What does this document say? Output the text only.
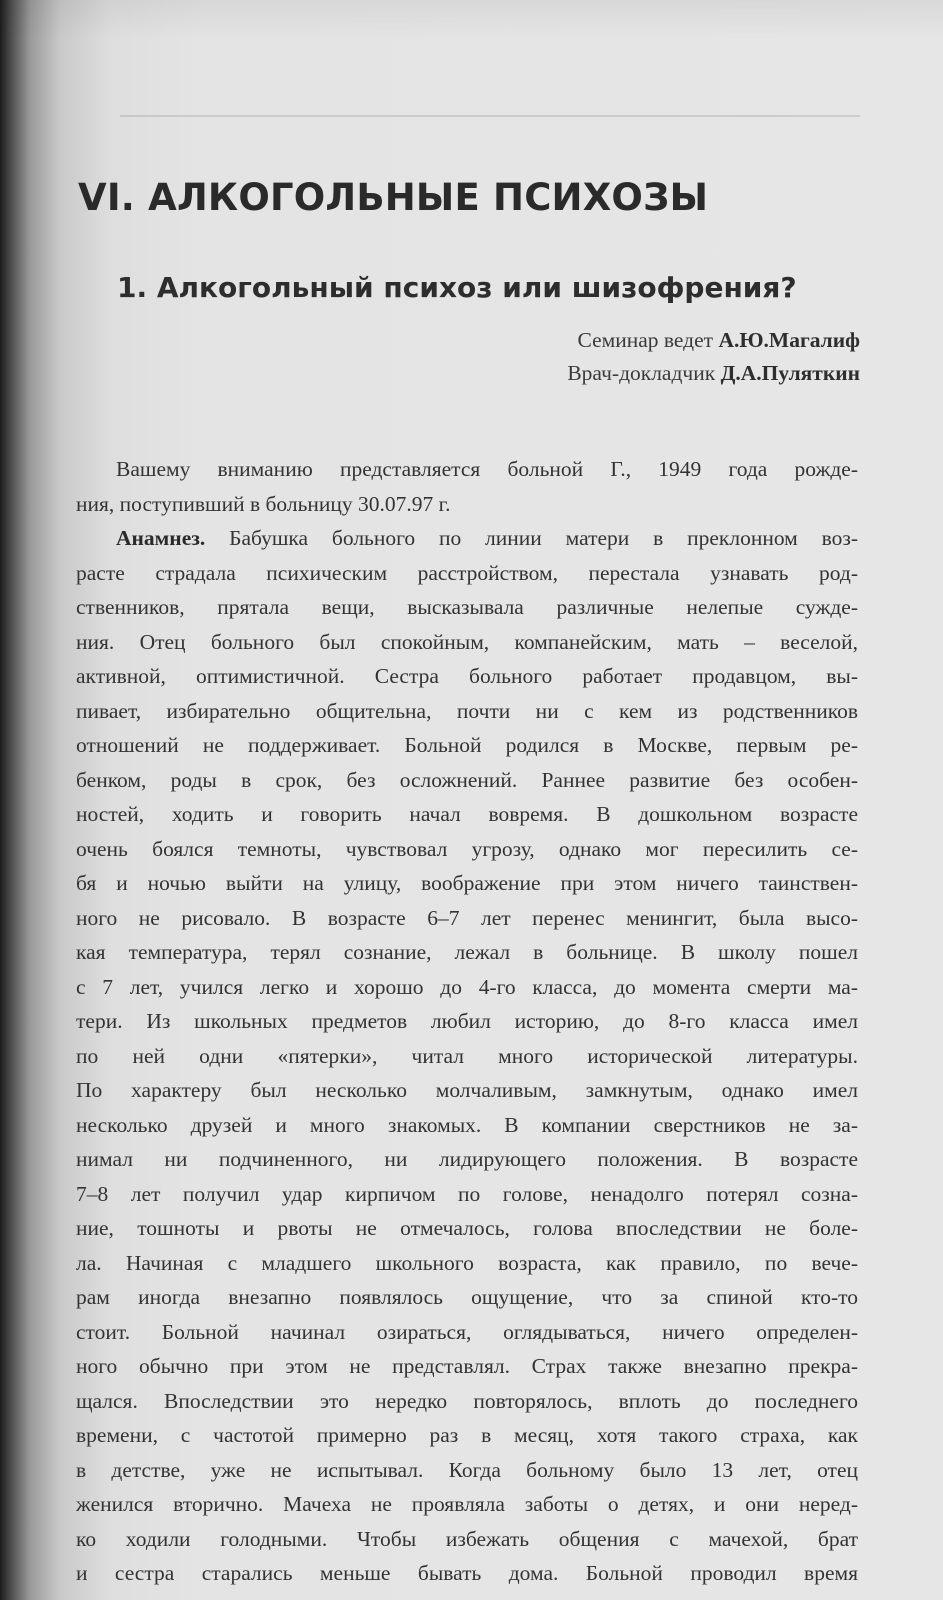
VI. АЛКОГОЛЬНЫЕ ПСИХОЗЫ
1. Алкогольный психоз или шизофрения?
Семинар ведет А.Ю.Магалиф
Врач-докладчик Д.А.Пуляткин
Вашему вниманию представляется больной Г., 1949 года рожде-
ния, поступивший в больницу 30.07.97 г.
Анамнез. Бабушка больного по линии матери в преклонном воз-
расте страдала психическим расстройством, перестала узнавать род-
ственников, прятала вещи, высказывала различные нелепые сужде-
ния. Отец больного был спокойным, компанейским, мать – веселой,
активной, оптимистичной. Сестра больного работает продавцом, вы-
пивает, избирательно общительна, почти ни с кем из родственников
отношений не поддерживает. Больной родился в Москве, первым ре-
бенком, роды в срок, без осложнений. Раннее развитие без особен-
ностей, ходить и говорить начал вовремя. В дошкольном возрасте
очень боялся темноты, чувствовал угрозу, однако мог пересилить се-
бя и ночью выйти на улицу, воображение при этом ничего таинствен-
ного не рисовало. В возрасте 6–7 лет перенес менингит, была высо-
кая температура, терял сознание, лежал в больнице. В школу пошел
с 7 лет, учился легко и хорошо до 4-го класса, до момента смерти ма-
тери. Из школьных предметов любил историю, до 8-го класса имел
по ней одни «пятерки», читал много исторической литературы.
По характеру был несколько молчаливым, замкнутым, однако имел
несколько друзей и много знакомых. В компании сверстников не за-
нимал ни подчиненного, ни лидирующего положения. В возрасте
7–8 лет получил удар кирпичом по голове, ненадолго потерял созна-
ние, тошноты и рвоты не отмечалось, голова впоследствии не боле-
ла. Начиная с младшего школьного возраста, как правило, по вече-
рам иногда внезапно появлялось ощущение, что за спиной кто-то
стоит. Больной начинал озираться, оглядываться, ничего определен-
ного обычно при этом не представлял. Страх также внезапно прекра-
щался. Впоследствии это нередко повторялось, вплоть до последнего
времени, с частотой примерно раз в месяц, хотя такого страха, как
в детстве, уже не испытывал. Когда больному было 13 лет, отец
женился вторично. Мачеха не проявляла заботы о детях, и они неред-
ко ходили голодными. Чтобы избежать общения с мачехой, брат
и сестра старались меньше бывать дома. Больной проводил время
